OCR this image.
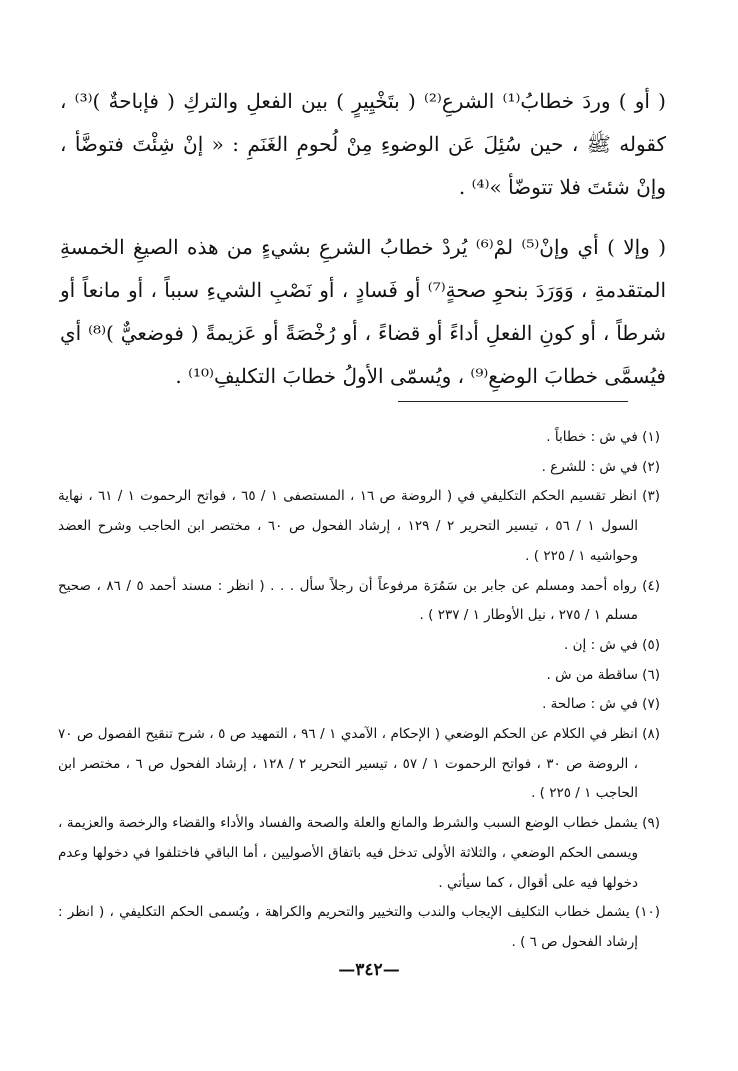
( أو ) وردَ خطابُ⁽¹⁾ الشرعِ⁽²⁾ ( بتَخْيِيرٍ ) بين الفعلِ والتركِ ( فإباحةٌ )⁽³⁾ ، كقوله ﷺ ، حين سُئِلَ عَن الوضوءِ مِنْ لُحومِ الغَنَمِ : « إنْ شِئْتَ فتوضَّأ ، وإنْ شئتَ فلا تتوضّأ »⁽⁴⁾ .

( وإلا ) أي وإنْ⁽⁵⁾ لمْ⁽⁶⁾ يُردْ خطابُ الشرعِ بشيءٍ من هذه الصيغِ الخمسةِ المتقدمةِ ، وَوَرَدَ بنحوِ صحةٍ⁽⁷⁾ أو فَسادٍ ، أو نَصْبِ الشيءِ سبباً ، أو مانعاً أو شرطاً ، أو كونِ الفعلِ أداءً أو قضاءً ، أو رُخْصَةً أو عَزيمةً ( فوضعيٌّ )⁽⁸⁾ أي فيُسمَّى خطابَ الوضعِ⁽⁹⁾ ، ويُسمّى الأولُ خطابَ التكليفِ⁽¹⁰⁾ .

(١) في ش : خطاباً .

(٢) في ش : للشرع .

(٣) انظر تقسيم الحكم التكليفي في ( الروضة ص ١٦ ، المستصفى ١ / ٦٥ ، فواتح الرحموت ١ / ٦١ ، نهاية السول ١ / ٥٦ ، تيسير التحرير ٢ / ١٢٩ ، إرشاد الفحول ص ٦٠ ، مختصر ابن الحاجب وشرح العضد وحواشيه ١ / ٢٢٥ ) .

(٤) رواه أحمد ومسلم عن جابر بن سَمُرَة مرفوعاً أن رجلاً سأل . . . ( انظر : مسند أحمد ٥ / ٨٦ ، صحيح مسلم ١ / ٢٧٥ ، نيل الأوطار ١ / ٢٣٧ ) .

(٥) في ش : إن .

(٦) ساقطة من ش .

(٧) في ش : صالحة .

(٨) انظر في الكلام عن الحكم الوضعي ( الإحكام ، الآمدي ١ / ٩٦ ، التمهيد ص ٥ ، شرح تنقيح الفصول ص ٧٠ ، الروضة ص ٣٠ ، فواتح الرحموت ١ / ٥٧ ، تيسير التحرير ٢ / ١٢٨ ، إرشاد الفحول ص ٦ ، مختصر ابن الحاجب ١ / ٢٢٥ ) .

(٩) يشمل خطاب الوضع السبب والشرط والمانع والعلة والصحة والفساد والأداء والقضاء والرخصة والعزيمة ، ويسمى الحكم الوضعي ، والثلاثة الأولى تدخل فيه باتفاق الأصوليين ، أما الباقي فاختلفوا في دخولها وعدم دخولها فيه على أقوال ، كما سيأتي .

(١٠) يشمل خطاب التكليف الإيجاب والندب والتخيير والتحريم والكراهة ، ويُسمى الحكم التكليفي ، ( انظر : إرشاد الفحول ص ٦ ) .

—٣٤٢—
